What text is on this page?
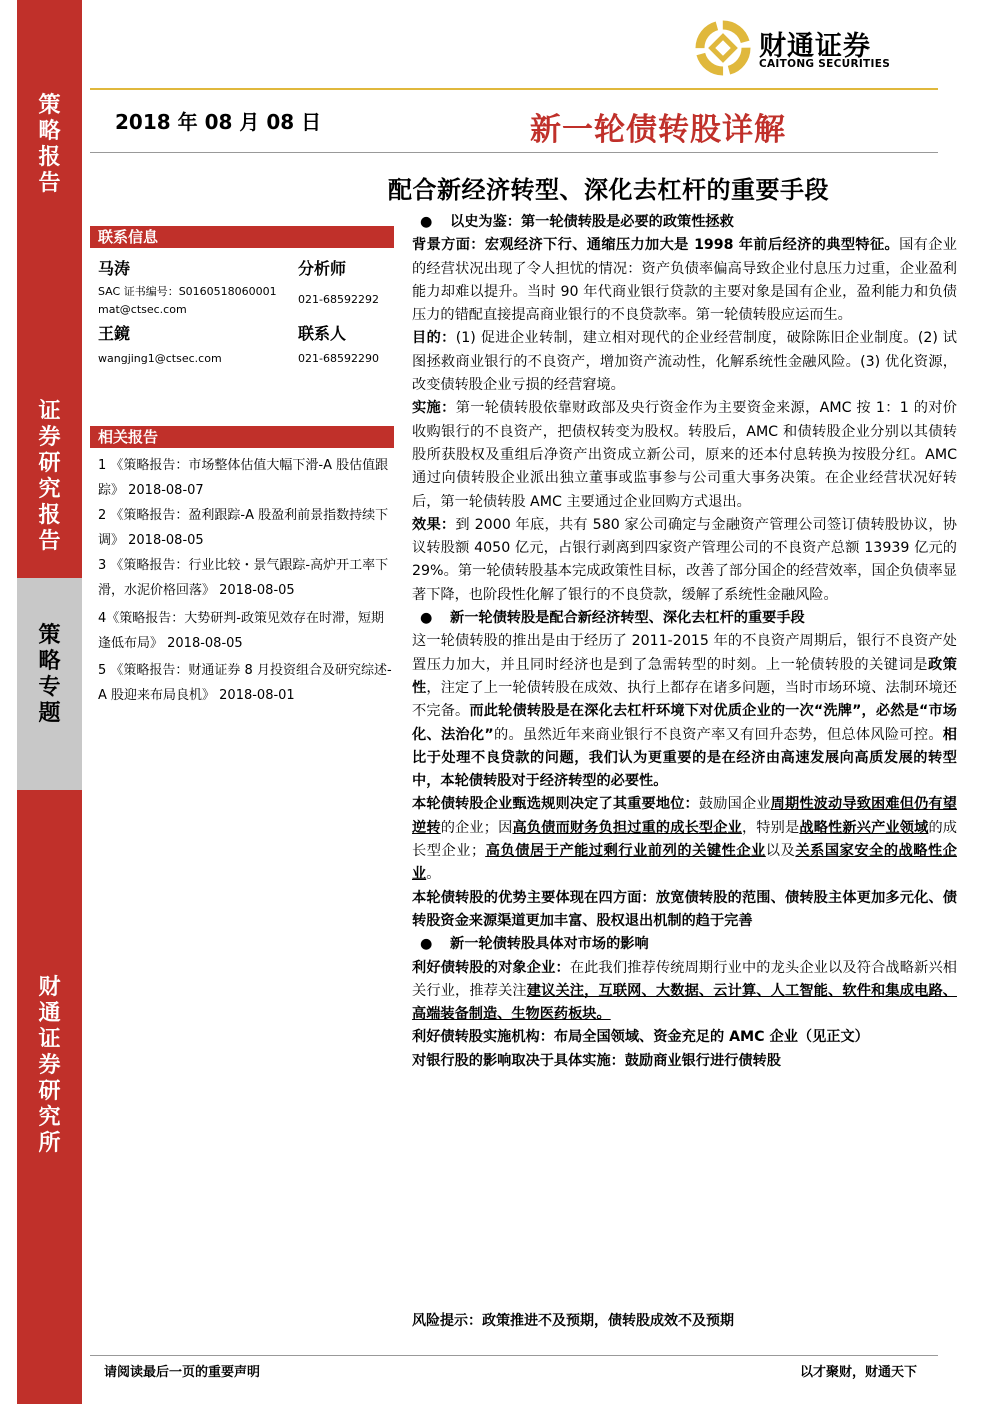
策略报告
证券研究报告
策略专题
财通证券研究所
财通证券
CAITONG SECURITIES
2018 年 08 月 08 日	新一轮债转股详解
配合新经济转型、深化去杠杆的重要手段
联系信息
马涛	分析师
SAC 证书编号：S0160518060001
021-68592292
mat@ctsec.com
王鏡	联系人
wangjing1@ctsec.com	021-68592290
相关报告
1 《策略报告：市场整体估值大幅下滑-A 股估值跟踪》 2018-08-07
2 《策略报告：盈利跟踪-A 股盈利前景指数持续下调》 2018-08-05
3 《策略报告：行业比较・景气跟踪-高炉开工率下滑，水泥价格回落》 2018-08-05
4《策略报告：大势研判-政策见效存在时滞，短期逢低布局》 2018-08-05
5 《策略报告：财通证券 8 月投资组合及研究综述-A 股迎来布局良机》 2018-08-01

● 以史为鉴：第一轮债转股是必要的政策性拯救

背景方面：宏观经济下行、通缩压力加大是 1998 年前后经济的典型特征。国有企业的经营状况出现了令人担忧的情况：资产负债率偏高导致企业付息压力过重，企业盈利能力却难以提升。当时 90 年代商业银行贷款的主要对象是国有企业，盈利能力和负债压力的错配直接提高商业银行的不良贷款率。第一轮债转股应运而生。

目的：(1) 促进企业转制，建立相对现代的企业经营制度，破除陈旧企业制度。(2) 试图拯救商业银行的不良资产，增加资产流动性，化解系统性金融风险。(3) 优化资源，改变债转股企业亏损的经营窘境。

实施：第一轮债转股依靠财政部及央行资金作为主要资金来源，AMC 按 1：1 的对价收购银行的不良资产，把债权转变为股权。转股后，AMC 和债转股企业分别以其债转股所获股权及重组后净资产出资成立新公司，原来的还本付息转换为按股分红。AMC 通过向债转股企业派出独立董事或监事参与公司重大事务决策。在企业经营状况好转后，第一轮债转股 AMC 主要通过企业回购方式退出。

效果：到 2000 年底，共有 580 家公司确定与金融资产管理公司签订债转股协议，协议转股额 4050 亿元，占银行剥离到四家资产管理公司的不良资产总额 13939 亿元的 29%。第一轮债转股基本完成政策性目标，改善了部分国企的经营效率，国企负债率显著下降，也阶段性化解了银行的不良贷款，缓解了系统性金融风险。

● 新一轮债转股是配合新经济转型、深化去杠杆的重要手段

这一轮债转股的推出是由于经历了 2011-2015 年的不良资产周期后，银行不良资产处置压力加大，并且同时经济也是到了急需转型的时刻。上一轮债转股的关键词是政策性，注定了上一轮债转股在成效、执行上都存在诸多问题，当时市场环境、法制环境还不完备。而此轮债转股是在深化去杠杆环境下对优质企业的一次“洗牌”，必然是“市场化、法治化”的。虽然近年来商业银行不良资产率又有回升态势，但总体风险可控。相比于处理不良贷款的问题，我们认为更重要的是在经济由高速发展向高质发展的转型中，本轮债转股对于经济转型的必要性。

本轮债转股企业甄选规则决定了其重要地位：鼓励国企业周期性波动导致困难但仍有望逆转的企业；因高负债而财务负担过重的成长型企业，特别是战略性新兴产业领域的成长型企业；高负债居于产能过剩行业前列的关键性企业以及关系国家安全的战略性企业。

本轮债转股的优势主要体现在四方面：放宽债转股的范围、债转股主体更加多元化、债转股资金来源渠道更加丰富、股权退出机制的趋于完善

● 新一轮债转股具体对市场的影响

利好债转股的对象企业：在此我们推荐传统周期行业中的龙头企业以及符合战略新兴相关行业，推荐关注建议关注，互联网、大数据、云计算、人工智能、软件和集成电路、高端装备制造、生物医药板块。

利好债转股实施机构：布局全国领域、资金充足的 AMC 企业（见正文）

对银行股的影响取决于具体实施：鼓励商业银行进行债转股

风险提示：政策推进不及预期，债转股成效不及预期
请阅读最后一页的重要声明	以才聚财，财通天下
